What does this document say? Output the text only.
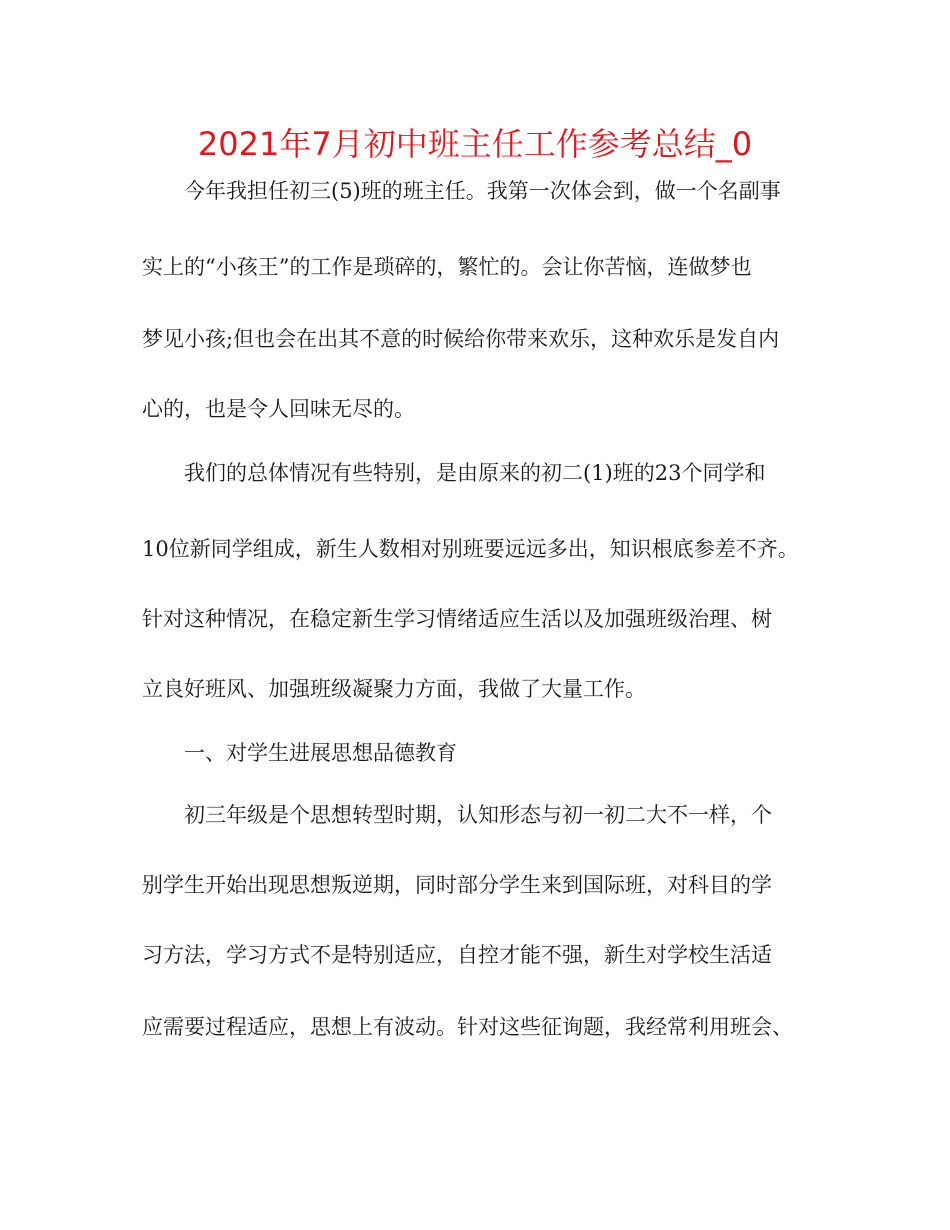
2021年7月初中班主任工作参考总结_0
今年我担任初三(5)班的班主任。我第一次体会到，做一个名副事
实上的“小孩王”的工作是琐碎的，繁忙的。会让你苦恼，连做梦也
梦见小孩;但也会在出其不意的时候给你带来欢乐，这种欢乐是发自内
心的，也是令人回味无尽的。
我们的总体情况有些特别，是由原来的初二(1)班的23个同学和
10位新同学组成，新生人数相对别班要远远多出，知识根底参差不齐。
针对这种情况，在稳定新生学习情绪适应生活以及加强班级治理、树
立良好班风、加强班级凝聚力方面，我做了大量工作。
一、对学生进展思想品德教育
初三年级是个思想转型时期，认知形态与初一初二大不一样，个
别学生开始出现思想叛逆期，同时部分学生来到国际班，对科目的学
习方法，学习方式不是特别适应，自控才能不强，新生对学校生活适
应需要过程适应，思想上有波动。针对这些征询题，我经常利用班会、
